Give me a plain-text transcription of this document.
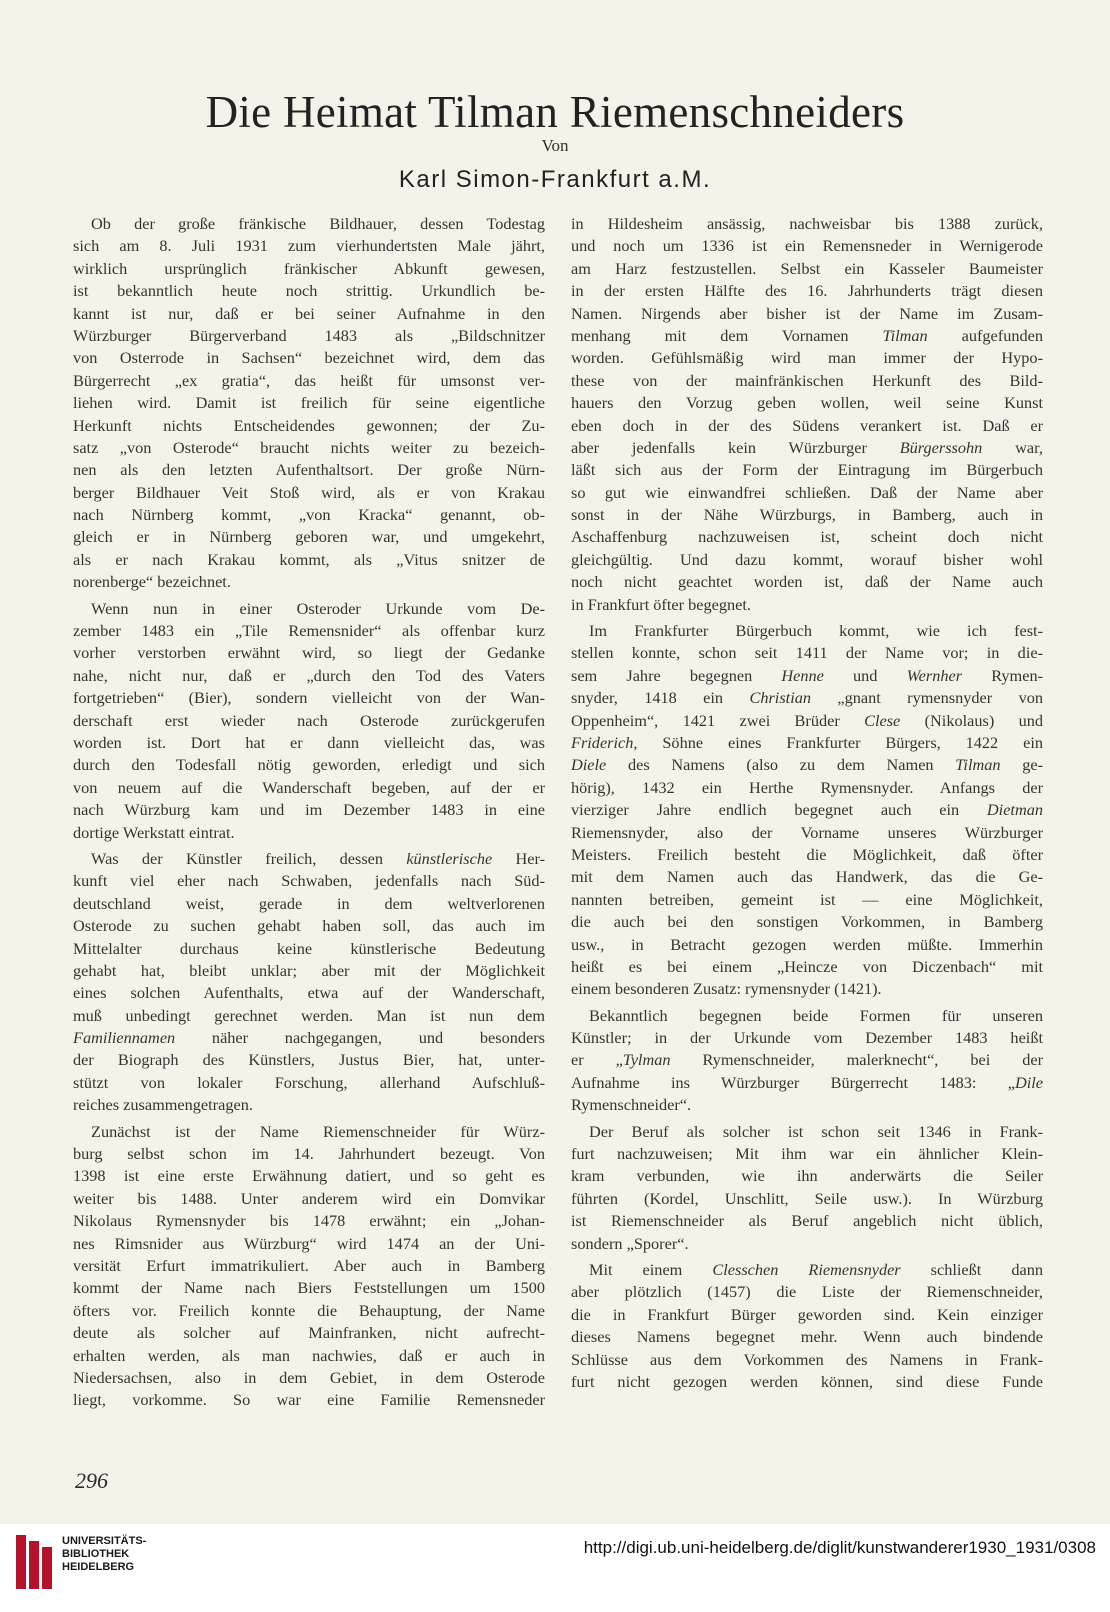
Die Heimat Tilman Riemenschneiders
Von
Karl Simon-Frankfurt a.M.
Ob der große fränkische Bildhauer, dessen Todestag
sich am 8. Juli 1931 zum vierhundertsten Male jährt,
wirklich ursprünglich fränkischer Abkunft gewesen,
ist bekanntlich heute noch strittig. Urkundlich be-
kannt ist nur, daß er bei seiner Aufnahme in den
Würzburger Bürgerverband 1483 als „Bildschnitzer
von Osterrode in Sachsen“ bezeichnet wird, dem das
Bürgerrecht „ex gratia“, das heißt für umsonst ver-
liehen wird. Damit ist freilich für seine eigentliche
Herkunft nichts Entscheidendes gewonnen; der Zu-
satz „von Osterode“ braucht nichts weiter zu bezeich-
nen als den letzten Aufenthaltsort. Der große Nürn-
berger Bildhauer Veit Stoß wird, als er von Krakau
nach Nürnberg kommt, „von Kracka“ genannt, ob-
gleich er in Nürnberg geboren war, und umgekehrt,
als er nach Krakau kommt, als „Vitus snitzer de
norenberge“ bezeichnet.
Wenn nun in einer Osteroder Urkunde vom De-
zember 1483 ein „Tile Remensnider“ als offenbar kurz
vorher verstorben erwähnt wird, so liegt der Gedanke
nahe, nicht nur, daß er „durch den Tod des Vaters
fortgetrieben“ (Bier), sondern vielleicht von der Wan-
derschaft erst wieder nach Osterode zurückgerufen
worden ist. Dort hat er dann vielleicht das, was
durch den Todesfall nötig geworden, erledigt und sich
von neuem auf die Wanderschaft begeben, auf der er
nach Würzburg kam und im Dezember 1483 in eine
dortige Werkstatt eintrat.
Was der Künstler freilich, dessen künstlerische Her-
kunft viel eher nach Schwaben, jedenfalls nach Süd-
deutschland weist, gerade in dem weltverlorenen
Osterode zu suchen gehabt haben soll, das auch im
Mittelalter durchaus keine künstlerische Bedeutung
gehabt hat, bleibt unklar; aber mit der Möglichkeit
eines solchen Aufenthalts, etwa auf der Wanderschaft,
muß unbedingt gerechnet werden. Man ist nun dem
Familiennamen näher nachgegangen, und besonders
der Biograph des Künstlers, Justus Bier, hat, unter-
stützt von lokaler Forschung, allerhand Aufschluß-
reiches zusammengetragen.
Zunächst ist der Name Riemenschneider für Würz-
burg selbst schon im 14. Jahrhundert bezeugt. Von
1398 ist eine erste Erwähnung datiert, und so geht es
weiter bis 1488. Unter anderem wird ein Domvikar
Nikolaus Rymensnyder bis 1478 erwähnt; ein „Johan-
nes Rimsnider aus Würzburg“ wird 1474 an der Uni-
versität Erfurt immatrikuliert. Aber auch in Bamberg
kommt der Name nach Biers Feststellungen um 1500
öfters vor. Freilich konnte die Behauptung, der Name
deute als solcher auf Mainfranken, nicht aufrecht-
erhalten werden, als man nachwies, daß er auch in
Niedersachsen, also in dem Gebiet, in dem Osterode
liegt, vorkomme. So war eine Familie Remensneder
in Hildesheim ansässig, nachweisbar bis 1388 zurück,
und noch um 1336 ist ein Remensneder in Wernigerode
am Harz festzustellen. Selbst ein Kasseler Baumeister
in der ersten Hälfte des 16. Jahrhunderts trägt diesen
Namen. Nirgends aber bisher ist der Name im Zusam-
menhang mit dem Vornamen Tilman aufgefunden
worden. Gefühlsmäßig wird man immer der Hypo-
these von der mainfränkischen Herkunft des Bild-
hauers den Vorzug geben wollen, weil seine Kunst
eben doch in der des Südens verankert ist. Daß er
aber jedenfalls kein Würzburger Bürgerssohn war,
läßt sich aus der Form der Eintragung im Bürgerbuch
so gut wie einwandfrei schließen. Daß der Name aber
sonst in der Nähe Würzburgs, in Bamberg, auch in
Aschaffenburg nachzuweisen ist, scheint doch nicht
gleichgültig. Und dazu kommt, worauf bisher wohl
noch nicht geachtet worden ist, daß der Name auch
in Frankfurt öfter begegnet.
Im Frankfurter Bürgerbuch kommt, wie ich fest-
stellen konnte, schon seit 1411 der Name vor; in die-
sem Jahre begegnen Henne und Wernher Rymen-
snyder, 1418 ein Christian „gnant rymensnyder von
Oppenheim“, 1421 zwei Brüder Clese (Nikolaus) und
Friderich, Söhne eines Frankfurter Bürgers, 1422 ein
Diele des Namens (also zu dem Namen Tilman ge-
hörig), 1432 ein Herthe Rymensnyder. Anfangs der
vierziger Jahre endlich begegnet auch ein Dietman
Riemensnyder, also der Vorname unseres Würzburger
Meisters. Freilich besteht die Möglichkeit, daß öfter
mit dem Namen auch das Handwerk, das die Ge-
nannten betreiben, gemeint ist — eine Möglichkeit,
die auch bei den sonstigen Vorkommen, in Bamberg
usw., in Betracht gezogen werden müßte. Immerhin
heißt es bei einem „Heincze von Diczenbach“ mit
einem besonderen Zusatz: rymensnyder (1421).
Bekanntlich begegnen beide Formen für unseren
Künstler; in der Urkunde vom Dezember 1483 heißt
er „Tylman Rymenschneider, malerknecht“, bei der
Aufnahme ins Würzburger Bürgerrecht 1483: „Dile
Rymenschneider“.
Der Beruf als solcher ist schon seit 1346 in Frank-
furt nachzuweisen; Mit ihm war ein ähnlicher Klein-
kram verbunden, wie ihn anderwärts die Seiler
führten (Kordel, Unschlitt, Seile usw.). In Würzburg
ist Riemenschneider als Beruf angeblich nicht üblich,
sondern „Sporer“.
Mit einem Clesschen Riemensnyder schließt dann
aber plötzlich (1457) die Liste der Riemenschneider,
die in Frankfurt Bürger geworden sind. Kein einziger
dieses Namens begegnet mehr. Wenn auch bindende
Schlüsse aus dem Vorkommen des Namens in Frank-
furt nicht gezogen werden können, sind diese Funde
296
UNIVERSITÄTS-
BIBLIOTHEK
HEIDELBERG
http://digi.ub.uni-heidelberg.de/diglit/kunstwanderer1930_1931/0308
